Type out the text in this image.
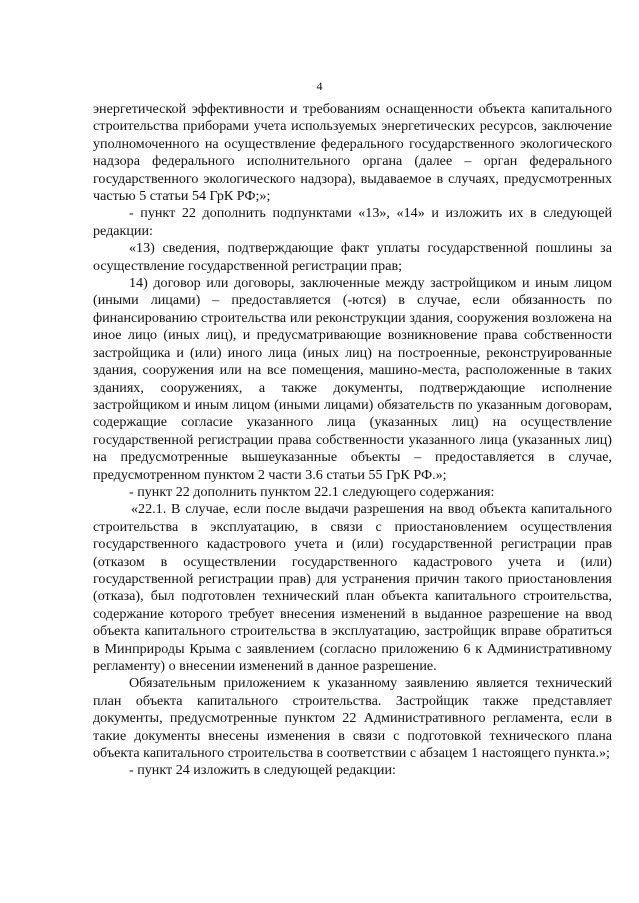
4

энергетической эффективности и требованиям оснащенности объекта капитального строительства приборами учета используемых энергетических ресурсов, заключение уполномоченного на осуществление федерального государственного экологического надзора федерального исполнительного органа (далее – орган федерального государственного экологического надзора), выдаваемое в случаях, предусмотренных частью 5 статьи 54 ГрК РФ;»;

- пункт 22 дополнить подпунктами «13», «14» и изложить их в следующей редакции:

«13) сведения, подтверждающие факт уплаты государственной пошлины за осуществление государственной регистрации прав;

14) договор или договоры, заключенные между застройщиком и иным лицом (иными лицами) – предоставляется (-ются) в случае, если обязанность по финансированию строительства или реконструкции здания, сооружения возложена на иное лицо (иных лиц), и предусматривающие возникновение права собственности застройщика и (или) иного лица (иных лиц) на построенные, реконструированные здания, сооружения или на все помещения, машино-места, расположенные в таких зданиях, сооружениях, а также документы, подтверждающие исполнение застройщиком и иным лицом (иными лицами) обязательств по указанным договорам, содержащие согласие указанного лица (указанных лиц) на осуществление государственной регистрации права собственности указанного лица (указанных лиц) на предусмотренные вышеуказанные объекты – предоставляется в случае, предусмотренном пунктом 2 части 3.6 статьи 55 ГрК РФ.»;

- пункт 22 дополнить пунктом 22.1 следующего содержания:

«22.1. В случае, если после выдачи разрешения на ввод объекта капитального строительства в эксплуатацию, в связи с приостановлением осуществления государственного кадастрового учета и (или) государственной регистрации прав (отказом в осуществлении государственного кадастрового учета и (или) государственной регистрации прав) для устранения причин такого приостановления (отказа), был подготовлен технический план объекта капитального строительства, содержание которого требует внесения изменений в выданное разрешение на ввод объекта капитального строительства в эксплуатацию, застройщик вправе обратиться в Минприроды Крыма с заявлением (согласно приложению 6 к Административному регламенту) о внесении изменений в данное разрешение.

Обязательным приложением к указанному заявлению является технический план объекта капитального строительства. Застройщик также представляет документы, предусмотренные пунктом 22 Административного регламента, если в такие документы внесены изменения в связи с подготовкой технического плана объекта капитального строительства в соответствии с абзацем 1 настоящего пункта.»;

- пункт 24 изложить в следующей редакции:
